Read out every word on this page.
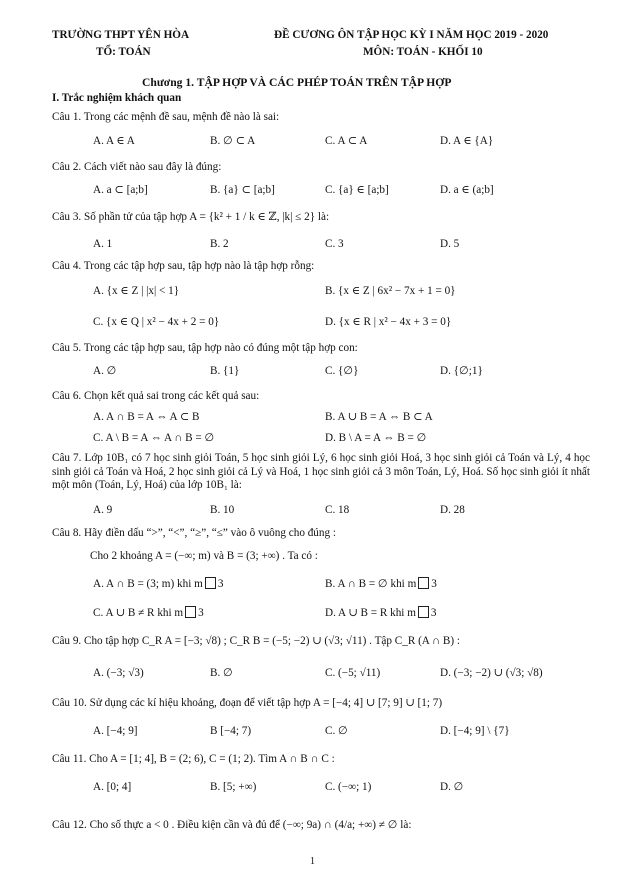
TRƯỜNG THPT YÊN HÒA
TỔ: TOÁN
ĐỀ CƯƠNG ÔN TẬP HỌC KỲ I NĂM HỌC 2019 - 2020
MÔN: TOÁN - KHỐI 10
Chương 1. TẬP HỢP VÀ CÁC PHÉP TOÁN TRÊN TẬP HỢP
I. Trắc nghiệm khách quan
Câu 1. Trong các mệnh đề sau, mệnh đề nào là sai:
A. A ∈ A	B. ∅ ⊂ A	C. A ⊂ A	D. A ∈ {A}
Câu 2. Cách viết nào sau đây là đúng:
A. a ⊂ [a;b]	B. {a} ⊂ [a;b]	C. {a} ∈ [a;b]	D. a ∈ (a;b]
Câu 3. Số phần tử của tập hợp A = {k² + 1 / k ∈ ℤ, |k| ≤ 2} là:
A. 1	B. 2	C. 3	D. 5
Câu 4. Trong các tập hợp sau, tập hợp nào là tập hợp rỗng:
A. {x ∈ Z | |x| < 1}	B. {x ∈ Z | 6x² − 7x + 1 = 0}
C. {x ∈ Q | x² − 4x + 2 = 0}	D. {x ∈ R | x² − 4x + 3 = 0}
Câu 5. Trong các tập hợp sau, tập hợp nào có đúng một tập hợp con:
A. ∅	B. {1}	C. {∅}	D. {∅;1}
Câu 6. Chọn kết quả sai trong các kết quả sau:
A. A ∩ B = A ⇔ A ⊂ B	B. A ∪ B = A ⇔ B ⊂ A
C. A \ B = A ⇔ A ∩ B = ∅	D. B \ A = A ⇔ B = ∅
Câu 7. Lớp 10B₁ có 7 học sinh giỏi Toán, 5 học sinh giỏi Lý, 6 học sinh giỏi Hoá, 3 học sinh giỏi cả Toán và Lý, 4 học sinh giỏi cả Toán và Hoá, 2 học sinh giỏi cả Lý và Hoá, 1 học sinh giỏi cả 3 môn Toán, Lý, Hoá. Số học sinh giỏi ít nhất một môn (Toán, Lý, Hoá) của lớp 10B₁ là:
A. 9	B. 10	C. 18	D. 28
Câu 8. Hãy điền dấu “>”, “<”, “≥”, “≤” vào ô vuông cho đúng :
Cho 2 khoảng A = (−∞; m) và B = (3; +∞) . Ta có :
A. A ∩ B = (3; m) khi m 3	B. A ∩ B = ∅ khi m 3
C. A ∪ B ≠ R khi m 3	D. A ∪ B = R khi m 3
Câu 9. Cho tập hợp C_R A = [−3; √8) ; C_R B = (−5; −2) ∪ (√3; √11) . Tập C_R (A ∩ B) :
A. (−3; √3)	B. ∅	C. (−5; √11)	D. (−3; −2) ∪ (√3; √8)
Câu 10. Sử dụng các kí hiệu khoảng, đoạn để viết tập hợp A = [−4; 4] ∪ [7; 9] ∪ [1; 7)
A. [−4; 9]	B [−4; 7)	C. ∅	D. [−4; 9] \ {7}
Câu 11. Cho A = [1; 4], B = (2; 6), C = (1; 2). Tìm A ∩ B ∩ C :
A. [0; 4]	B. [5; +∞)	C. (−∞; 1)	D. ∅
Câu 12. Cho số thực a < 0 . Điều kiện cần và đủ để (−∞; 9a) ∩ (4/a; +∞) ≠ ∅ là:
1
